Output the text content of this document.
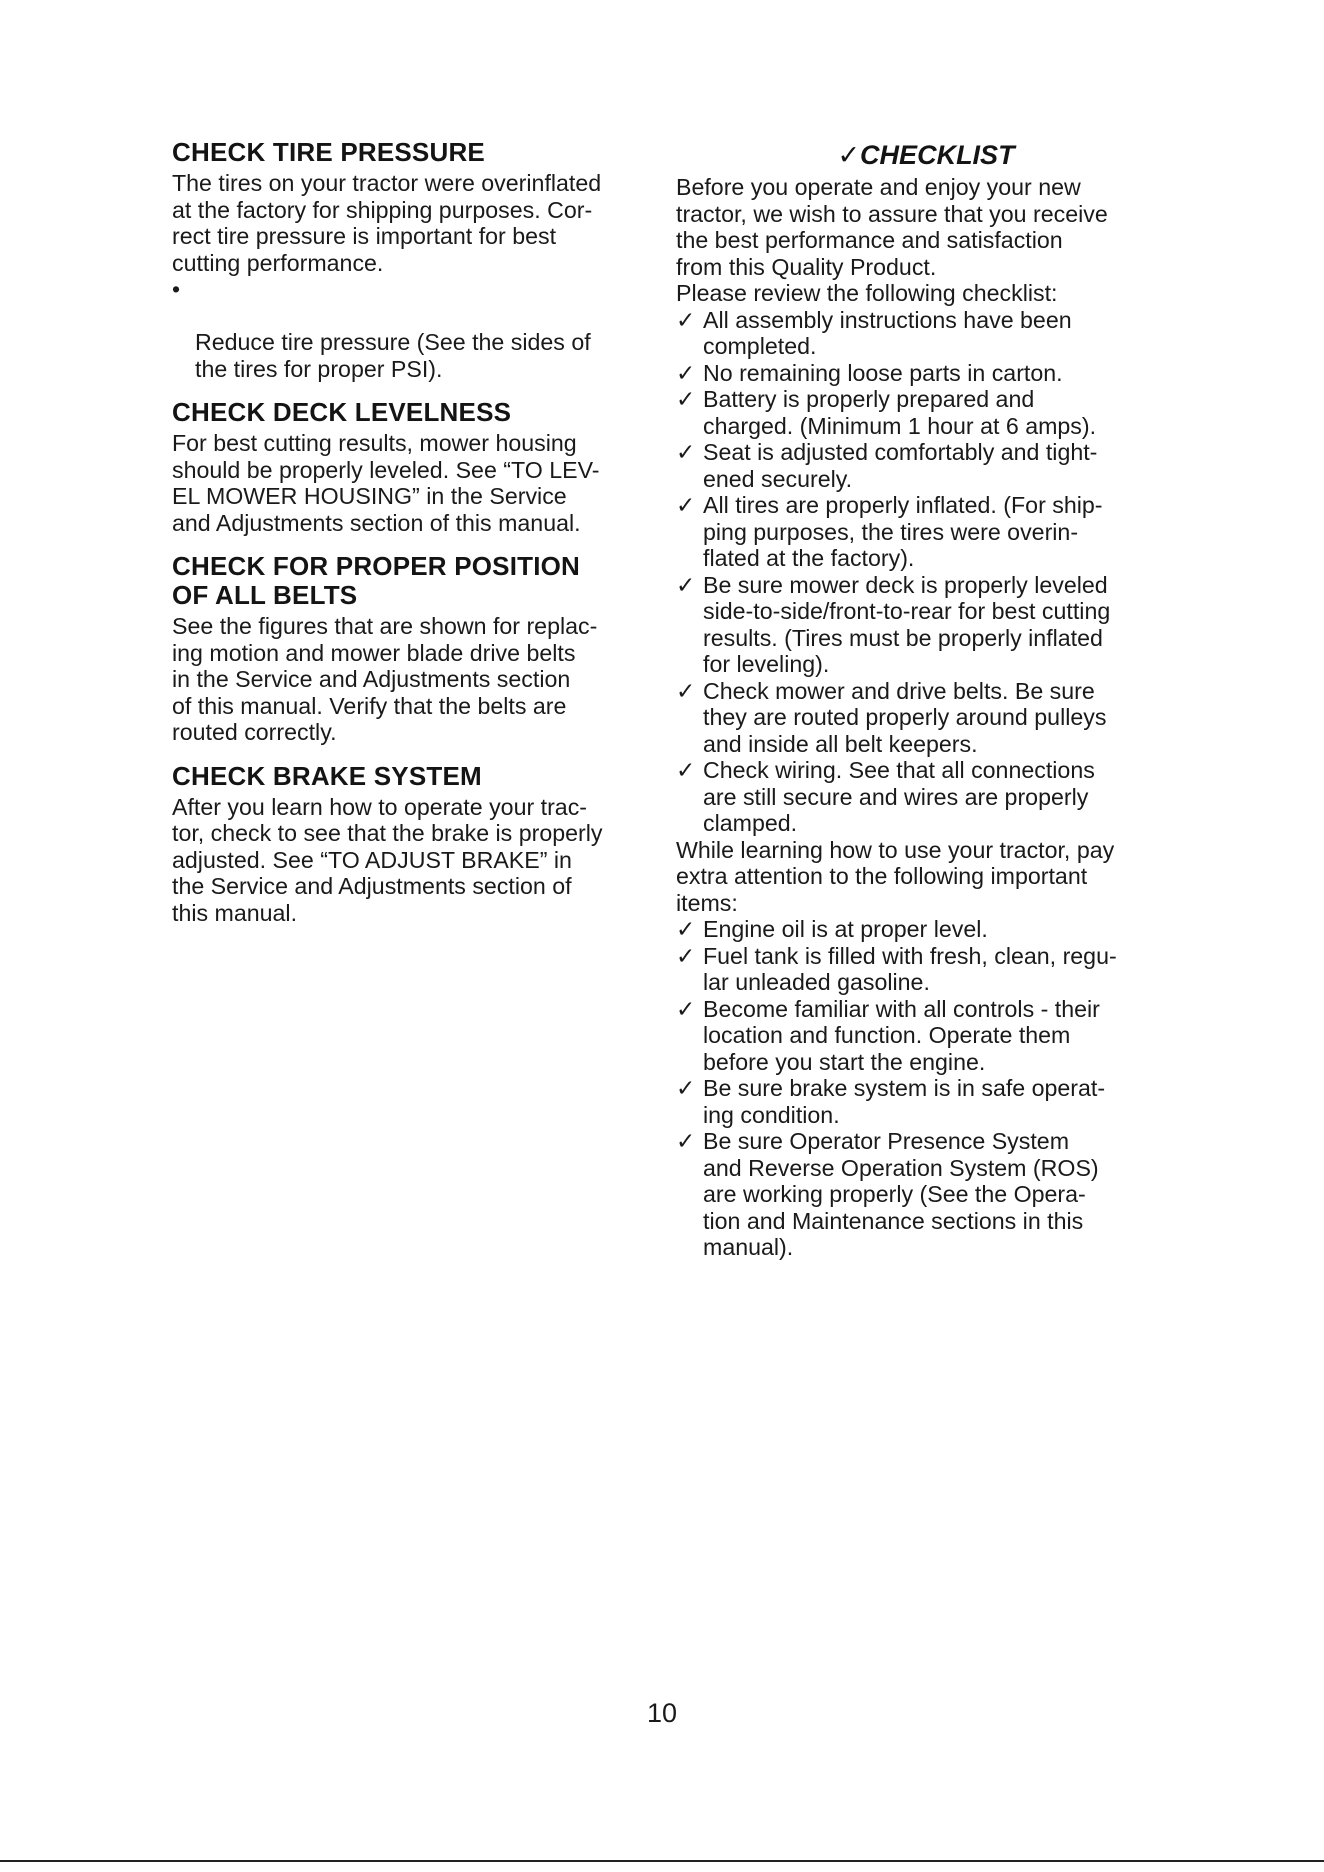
CHECK TIRE PRESSURE

The tires on your tractor were overinflated
at the factory for shipping purposes. Cor-
rect tire pressure is important for best
cutting performance.

•

Reduce tire pressure (See the sides of
the tires for proper PSI).

CHECK DECK LEVELNESS

For best cutting results, mower housing
should be properly leveled. See “TO LEV-
EL MOWER HOUSING” in the Service
and Adjustments section of this manual.

CHECK FOR PROPER POSITION
OF ALL BELTS

See the figures that are shown for replac-
ing motion and mower blade drive belts
in the Service and Adjustments section
of this manual. Verify that the belts are
routed correctly.

CHECK BRAKE SYSTEM

After you learn how to operate your trac-
tor, check to see that the brake is properly
adjusted. See “TO ADJUST BRAKE” in
the Service and Adjustments section of
this manual.

✓CHECKLIST

Before you operate and enjoy your new
tractor, we wish to assure that you receive
the best performance and satisfaction
from this Quality Product.
Please review the following checklist:

✓ All assembly instructions have been
completed.
✓ No remaining loose parts in carton.
✓ Battery is properly prepared and
charged. (Minimum 1 hour at 6 amps).
✓ Seat is adjusted comfortably and tight-
ened securely.
✓ All tires are properly inflated. (For ship-
ping purposes, the tires were overin-
flated at the factory).
✓ Be sure mower deck is properly leveled
side-to-side/front-to-rear for best cutting
results. (Tires must be properly inflated
for leveling).
✓ Check mower and drive belts. Be sure
they are routed properly around pulleys
and inside all belt keepers.
✓ Check wiring. See that all connections
are still secure and wires are properly
clamped.

While learning how to use your tractor, pay
extra attention to the following important
items:

✓ Engine oil is at proper level.
✓ Fuel tank is filled with fresh, clean, regu-
lar unleaded gasoline.
✓ Become familiar with all controls - their
location and function. Operate them
before you start the engine.
✓ Be sure brake system is in safe operat-
ing condition.
✓ Be sure Operator Presence System
and Reverse Operation System (ROS)
are working properly (See the Opera-
tion and Maintenance sections in this
manual).
10
